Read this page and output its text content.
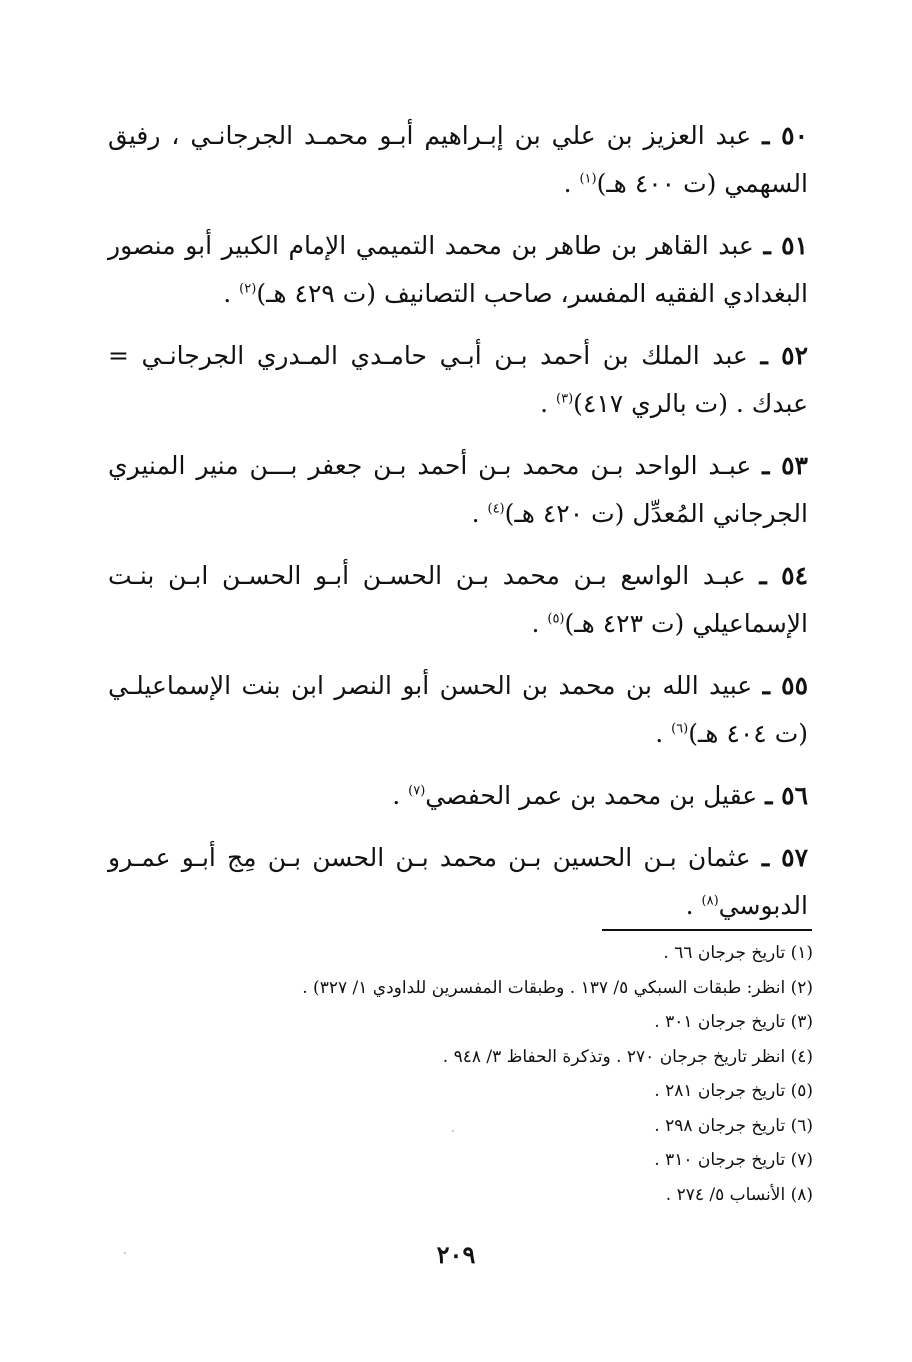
٥٠ ـ عبد العزيز بن علي بن إبـراهيم أبـو محمـد الجرجانـي ، رفيق السهمي (ت ٤٠٠ هـ)$^{(١)}$ .

٥١ ـ عبد القاهر بن طاهر بن محمد التميمي الإمام الكبير أبو منصور البغدادي الفقيه المفسر، صاحب التصانيف (ت ٤٢٩ هـ)$^{(٢)}$ .

٥٢ ـ عبد الملك بن أحمد بـن أبـي حامـدي المـدري الجرجانـي = عبدك . (ت بالري ٤١٧)$^{(٣)}$ .

٥٣ ـ عبـد الواحد بـن محمد بـن أحمد بـن جعفر بـــن منير المنيري الجرجاني المُعدِّل (ت ٤٢٠ هـ)$^{(٤)}$ .

٥٤ ـ عبـد الواسع بـن محمد بـن الحسـن أبـو الحسـن ابـن بنـت الإسماعيلي (ت ٤٢٣ هـ)$^{(٥)}$ .

٥٥ ـ عبيد الله بن محمد بن الحسن أبو النصر ابن بنت الإسماعيلـي (ت ٤٠٤ هـ)$^{(٦)}$ .

٥٦ ـ عقيل بن محمد بن عمر الحفصي$^{(٧)}$ .

٥٧ ـ عثمان بـن الحسين بـن محمد بـن الحسن بـن مِج أبـو عمـرو الدبوسي$^{(٨)}$ .

(١) تاريخ جرجان ٦٦ .
(٢) انظر: طبقات السبكي ٥/ ١٣٧ . وطبقات المفسرين للداودي ١/ ٣٢٧) .
(٣) تاريخ جرجان ٣٠١ .
(٤) انظر تاريخ جرجان ٢٧٠ . وتذكرة الحفاظ ٣/ ٩٤٨ .
(٥) تاريخ جرجان ٢٨١ .
(٦) تاريخ جرجان ٢٩٨ .
(٧) تاريخ جرجان ٣١٠ .
(٨) الأنساب ٥/ ٢٧٤ .
٢٠٩
